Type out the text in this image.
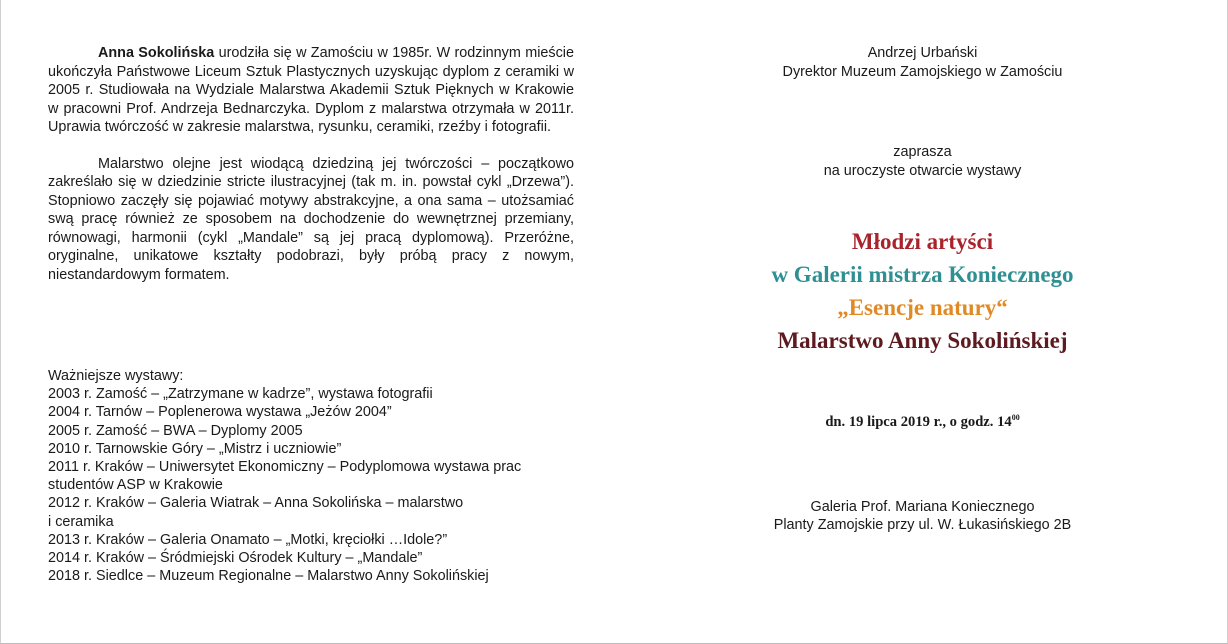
Anna Sokolińska urodziła się w Zamościu w 1985r. W rodzinnym mieście ukończyła Państwowe Liceum Sztuk Plastycznych uzyskując dyplom z ceramiki w 2005 r. Studiowała na Wydziale Malarstwa Akademii Sztuk Pięknych w Krakowie w pracowni Prof. Andrzeja Bednarczyka. Dyplom z malarstwa otrzymała w 2011r. Uprawia twórczość w zakresie malarstwa, rysunku, ceramiki, rzeźby i fotografii.

Malarstwo olejne jest wiodącą dziedziną jej twórczości – początkowo zakreślało się w dziedzinie stricte ilustracyjnej (tak m. in. powstał cykl „Drzewa”). Stopniowo zaczęły się pojawiać motywy abstrakcyjne, a ona sama – utożsamiać swą pracę również ze sposobem na dochodzenie do wewnętrznej przemiany, równowagi, harmonii (cykl „Mandale” są jej pracą dyplomową). Przeróżne, oryginalne, unikatowe kształty podobrazi, były próbą pracy z nowym, niestandardowym formatem.

Ważniejsze wystawy:
2003 r. Zamość – „Zatrzymane w kadrze”, wystawa fotografii
2004 r. Tarnów – Poplenerowa wystawa „Jeżów 2004”
2005 r. Zamość – BWA – Dyplomy 2005
2010 r. Tarnowskie Góry – „Mistrz i uczniowie”
2011 r. Kraków – Uniwersytet Ekonomiczny – Podyplomowa wystawa prac
studentów ASP w Krakowie
2012 r. Kraków – Galeria Wiatrak – Anna Sokolińska – malarstwo
i ceramika
2013 r. Kraków – Galeria Onamato – „Motki, kręciołki …Idole?”
2014 r. Kraków – Śródmiejski Ośrodek Kultury – „Mandale”
2018 r. Siedlce – Muzeum Regionalne – Malarstwo Anny Sokolińskiej
Andrzej Urbański
Dyrektor Muzeum Zamojskiego w Zamościu
zaprasza
na uroczyste otwarcie wystawy
Młodzi artyści
w Galerii mistrza Koniecznego
„Esencje natury“
Malarstwo Anny Sokolińskiej
dn. 19 lipca 2019 r., o godz. $14^{00}$
Galeria Prof. Mariana Koniecznego
Planty Zamojskie przy ul. W. Łukasińskiego 2B
